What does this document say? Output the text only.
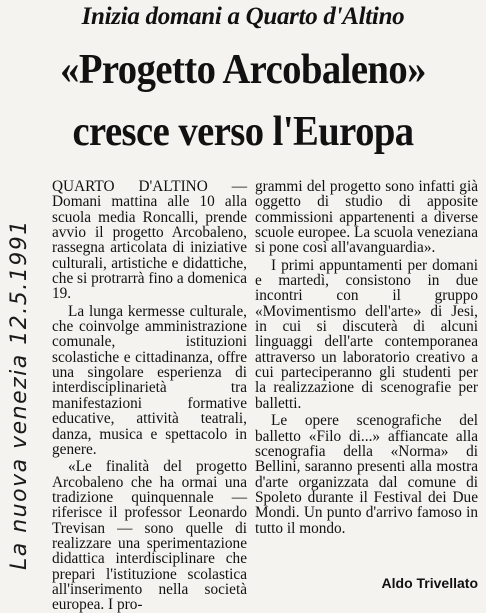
Inizia domani a Quarto d'Altino
«Progetto Arcobaleno»
cresce verso l'Europa

QUARTO D'ALTINO — Domani mattina alle 10 alla scuola media Roncalli, prende avvio il progetto Arcobaleno, rassegna articolata di iniziative culturali, artistiche e didattiche, che si protrarrà fino a domenica 19.

La lunga kermesse culturale, che coinvolge amministrazione comunale, istituzioni scolastiche e cittadinanza, offre una singolare esperienza di interdisciplinarietà tra manifestazioni formative educative, attività teatrali, danza, musica e spettacolo in genere.

«Le finalità del progetto Arcobaleno che ha ormai una tradizione quinquennale — riferisce il professor Leonardo Trevisan — sono quelle di realizzare una sperimentazione didattica interdisciplinare che prepari l'istituzione scolastica all'inserimento nella società europea. I pro-

grammi del progetto sono infatti già oggetto di studio di apposite commissioni appartenenti a diverse scuole europee. La scuola veneziana si pone così all'avanguardia».

I primi appuntamenti per domani e martedì, consistono in due incontri con il gruppo «Movimentismo dell'arte» di Jesi, in cui si discuterà di alcuni linguaggi dell'arte contemporanea attraverso un laboratorio creativo a cui parteciperanno gli studenti per la realizzazione di scenografie per balletti.

Le opere scenografiche del balletto «Filo di...» affiancate alla scenografia della «Norma» di Bellini, saranno presenti alla mostra d'arte organizzata dal comune di Spoleto durante il Festival dei Due Mondi. Un punto d'arrivo famoso in tutto il mondo.

Aldo Trivellato
La nuova venezia 12.5.1991
